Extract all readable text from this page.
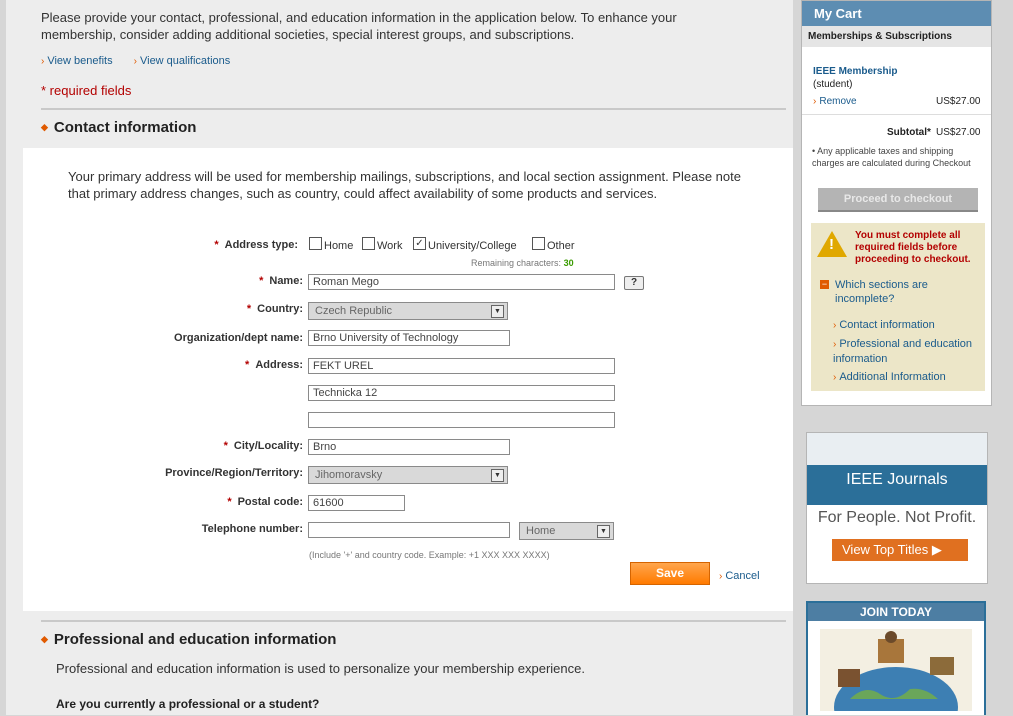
Please provide your contact, professional, and education information in the application below. To enhance your membership, consider adding additional societies, special interest groups, and subscriptions.
› View benefits › View qualifications
* required fields
◆ Contact information
◆ Professional and education information
Professional and education information is used to personalize your membership experience.
Are you currently a professional or a student?
Your primary address will be used for membership mailings, subscriptions, and local section assignment. Please note that primary address changes, such as country, could affect availability of some products and services.
* Address type: Home Work ✓ University/College	Other
Remaining characters: 30
* Name: Roman Mego	?
* Country:	Czech Republic	▼
Organization/dept name: Brno University of Technology
* Address: FEKT UREL
Technicka 12
* City/Locality: Brno
Province/Region/Territory:	Jihomoravsky	▼
* Postal code: 61600
Telephone number:	Home	▼
(Include '+' and country code. Example: +1 XXX XXX XXXX)
Save	› Cancel
My Cart
Memberships & Subscriptions
IEEE Membership
(student)
› Remove	US$27.00
Subtotal* US$27.00
• Any applicable taxes and shipping charges are calculated during Checkout
Proceed to checkout
!
You must complete all required fields before proceeding to checkout.
− Which sections are incomplete?
› Contact information
› Professional and education information
› Additional Information
IEEE Journals
For People. Not Profit.
View Top Titles ▶
JOIN TODAY
